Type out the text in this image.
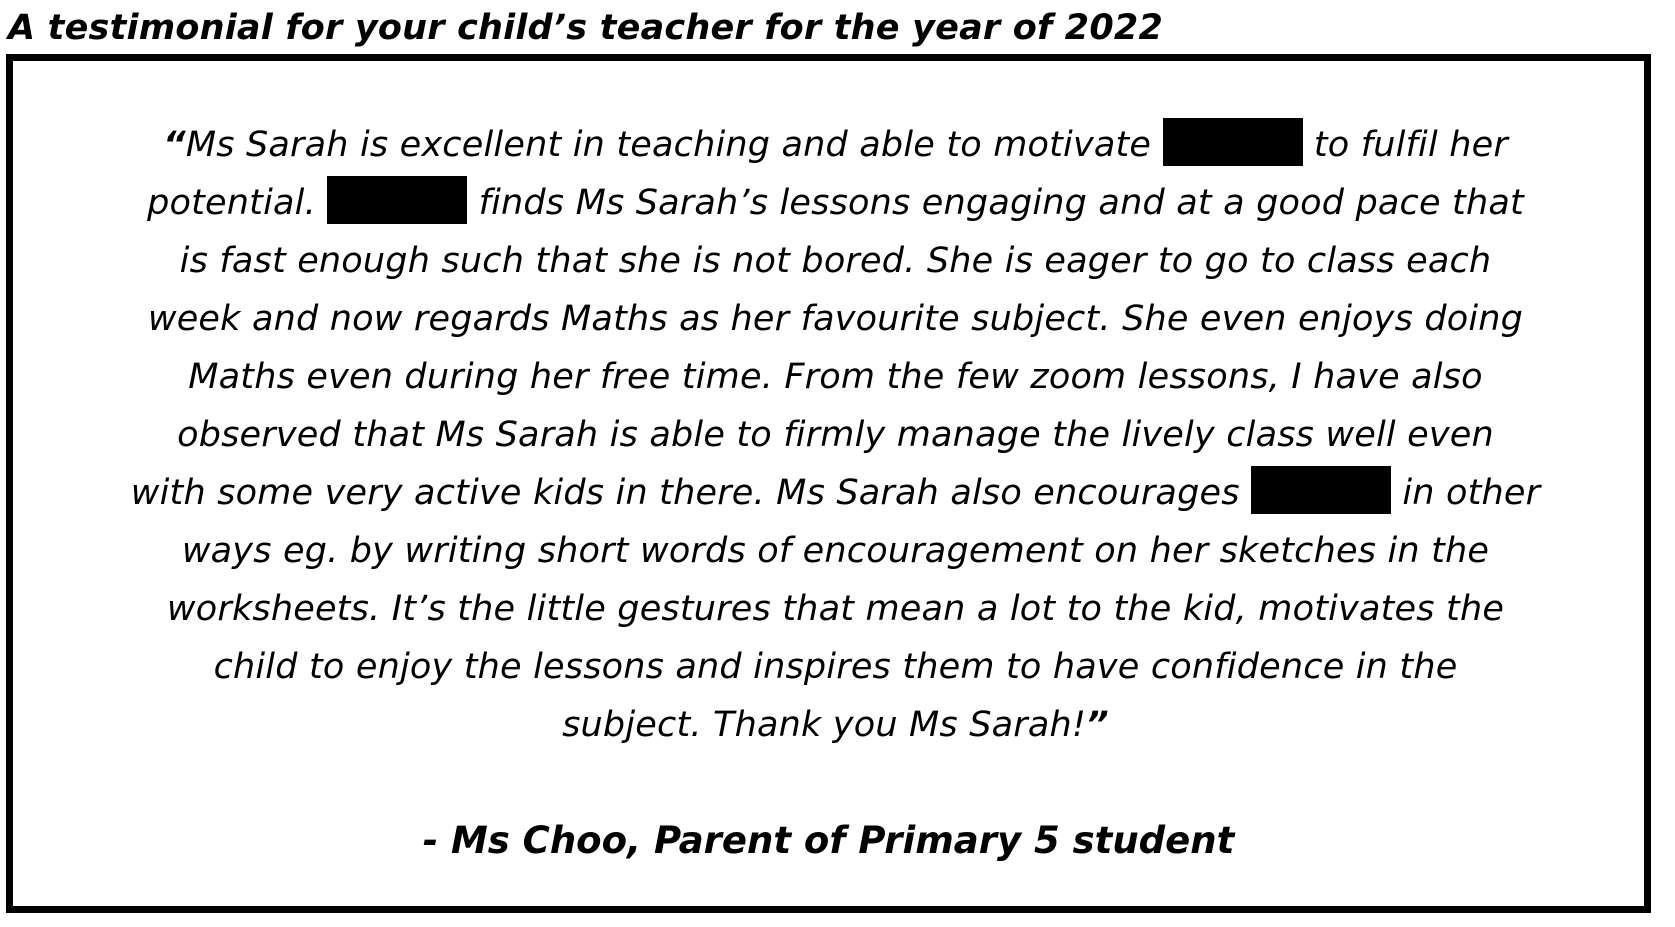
A testimonial for your child’s teacher for the year of 2022
“Ms Sarah is excellent in teaching and able to motivate	to fulfil her
potential.	finds Ms Sarah’s lessons engaging and at a good pace that
is fast enough such that she is not bored. She is eager to go to class each
week and now regards Maths as her favourite subject. She even enjoys doing
Maths even during her free time. From the few zoom lessons, I have also
observed that Ms Sarah is able to firmly manage the lively class well even
with some very active kids in there. Ms Sarah also encourages	in other
ways eg. by writing short words of encouragement on her sketches in the
worksheets. It’s the little gestures that mean a lot to the kid, motivates the
child to enjoy the lessons and inspires them to have confidence in the
subject. Thank you Ms Sarah!”
- Ms Choo, Parent of Primary 5 student
